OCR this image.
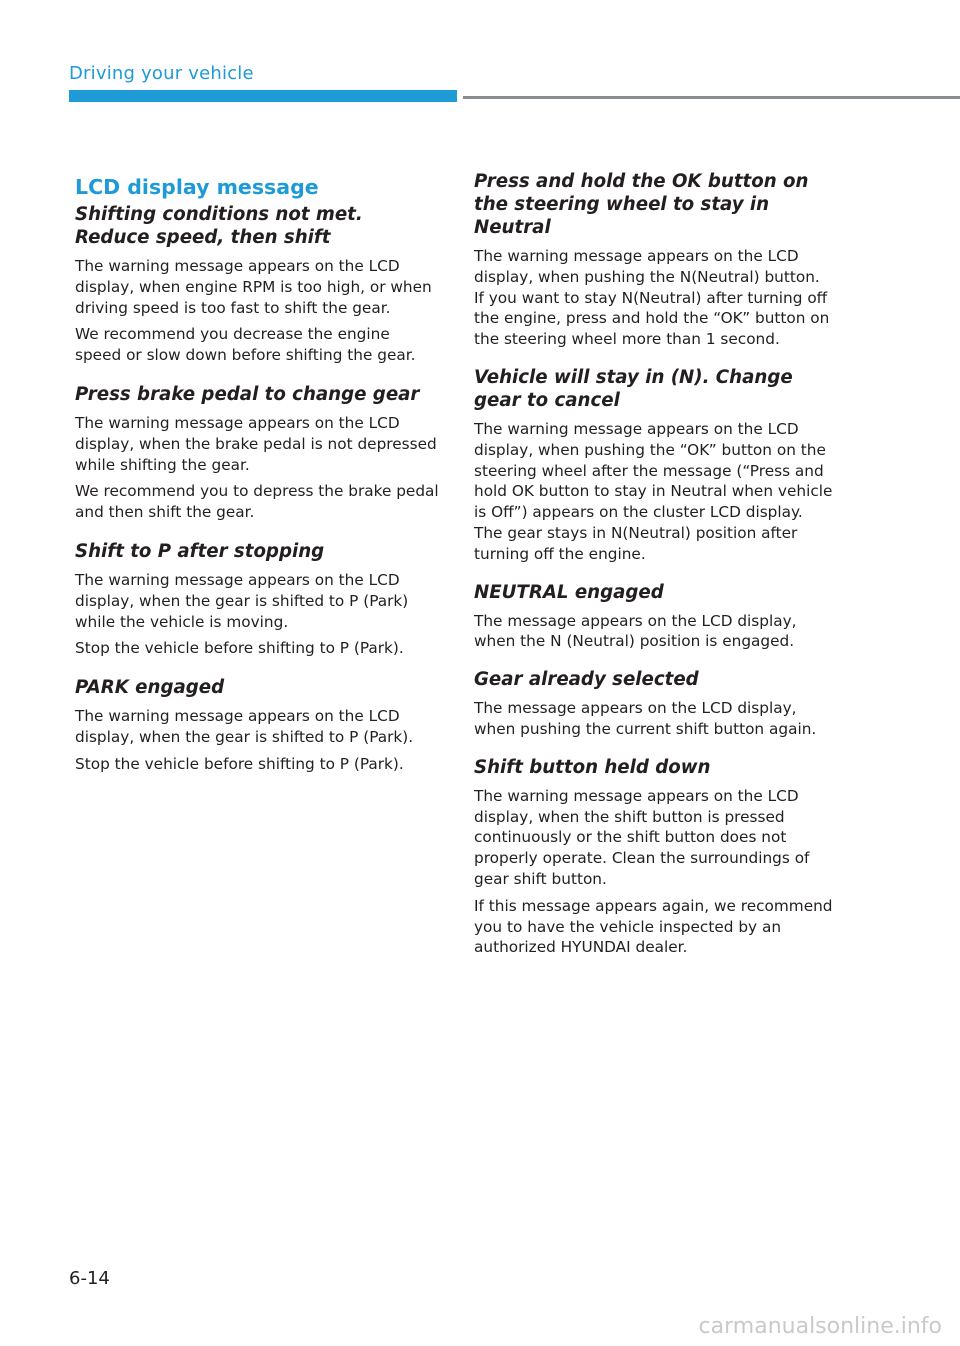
Driving your vehicle
LCD display message
Shifting conditions not met. Reduce speed, then shift

The warning message appears on the LCD display, when engine RPM is too high, or when driving speed is too fast to shift the gear.

We recommend you decrease the engine speed or slow down before shifting the gear.

Press brake pedal to change gear

The warning message appears on the LCD display, when the brake pedal is not depressed while shifting the gear.

We recommend you to depress the brake pedal and then shift the gear.

Shift to P after stopping

The warning message appears on the LCD display, when the gear is shifted to P (Park) while the vehicle is moving.

Stop the vehicle before shifting to P (Park).

PARK engaged

The warning message appears on the LCD display, when the gear is shifted to P (Park).

Stop the vehicle before shifting to P (Park).

Press and hold the OK button on the steering wheel to stay in Neutral

The warning message appears on the LCD display, when pushing the N(Neutral) button. If you want to stay N(Neutral) after turning off the engine, press and hold the “OK” button on the steering wheel more than 1 second.

Vehicle will stay in (N). Change gear to cancel

The warning message appears on the LCD display, when pushing the “OK” button on the steering wheel after the message (“Press and hold OK button to stay in Neutral when vehicle is Off”) appears on the cluster LCD display. The gear stays in N(Neutral) position after turning off the engine.

NEUTRAL engaged

The message appears on the LCD display, when the N (Neutral) position is engaged.

Gear already selected

The message appears on the LCD display, when pushing the current shift button again.

Shift button held down

The warning message appears on the LCD display, when the shift button is pressed continuously or the shift button does not properly operate. Clean the surroundings of gear shift button.

If this message appears again, we recommend you to have the vehicle inspected by an authorized HYUNDAI dealer.

6-14
carmanualsonline.info
